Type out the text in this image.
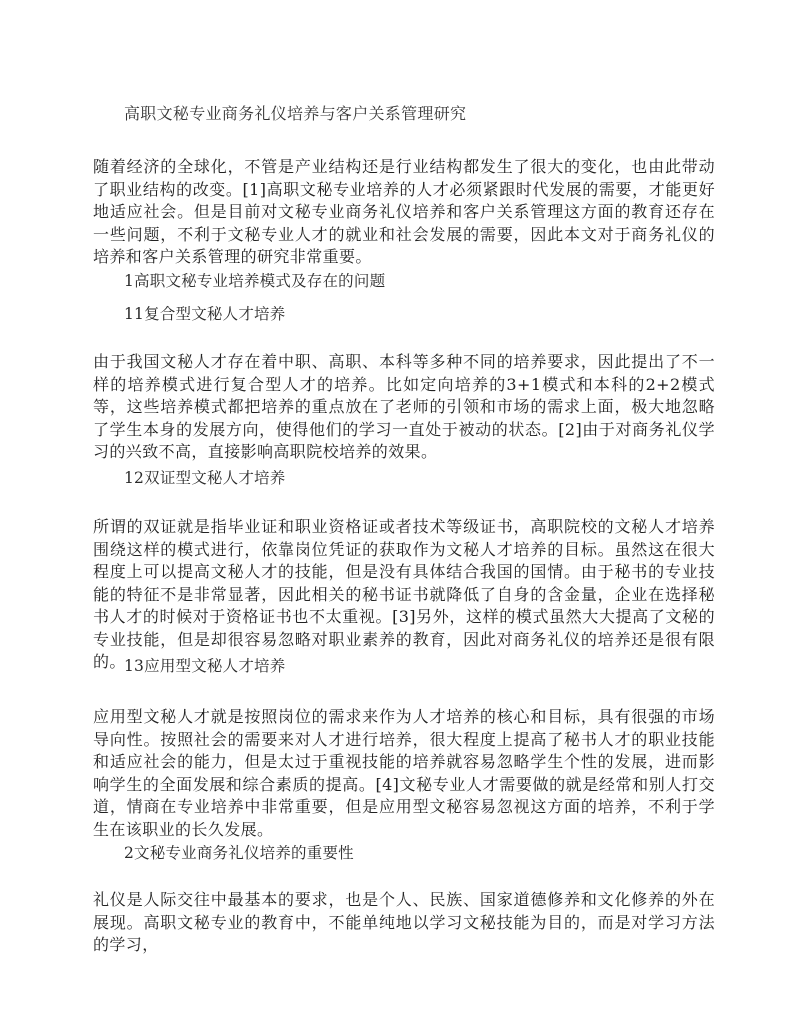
高职文秘专业商务礼仪培养与客户关系管理研究
随着经济的全球化，不管是产业结构还是行业结构都发生了很大的变化，也由此带动了职业结构的改变。[1]高职文秘专业培养的人才必须紧跟时代发展的需要，才能更好地适应社会。但是目前对文秘专业商务礼仪培养和客户关系管理这方面的教育还存在一些问题，不利于文秘专业人才的就业和社会发展的需要，因此本文对于商务礼仪的培养和客户关系管理的研究非常重要。
1高职文秘专业培养模式及存在的问题
11复合型文秘人才培养
由于我国文秘人才存在着中职、高职、本科等多种不同的培养要求，因此提出了不一样的培养模式进行复合型人才的培养。比如定向培养的3+1模式和本科的2+2模式等，这些培养模式都把培养的重点放在了老师的引领和市场的需求上面，极大地忽略了学生本身的发展方向，使得他们的学习一直处于被动的状态。[2]由于对商务礼仪学习的兴致不高，直接影响高职院校培养的效果。
12双证型文秘人才培养
所谓的双证就是指毕业证和职业资格证或者技术等级证书，高职院校的文秘人才培养围绕这样的模式进行，依靠岗位凭证的获取作为文秘人才培养的目标。虽然这在很大程度上可以提高文秘人才的技能，但是没有具体结合我国的国情。由于秘书的专业技能的特征不是非常显著，因此相关的秘书证书就降低了自身的含金量，企业在选择秘书人才的时候对于资格证书也不太重视。[3]另外，这样的模式虽然大大提高了文秘的专业技能，但是却很容易忽略对职业素养的教育，因此对商务礼仪的培养还是很有限的。
13应用型文秘人才培养
应用型文秘人才就是按照岗位的需求来作为人才培养的核心和目标，具有很强的市场导向性。按照社会的需要来对人才进行培养，很大程度上提高了秘书人才的职业技能和适应社会的能力，但是太过于重视技能的培养就容易忽略学生个性的发展，进而影响学生的全面发展和综合素质的提高。[4]文秘专业人才需要做的就是经常和别人打交道，情商在专业培养中非常重要，但是应用型文秘容易忽视这方面的培养，不利于学生在该职业的长久发展。
2文秘专业商务礼仪培养的重要性
礼仪是人际交往中最基本的要求，也是个人、民族、国家道德修养和文化修养的外在展现。高职文秘专业的教育中，不能单纯地以学习文秘技能为目的，而是对学习方法的学习，
